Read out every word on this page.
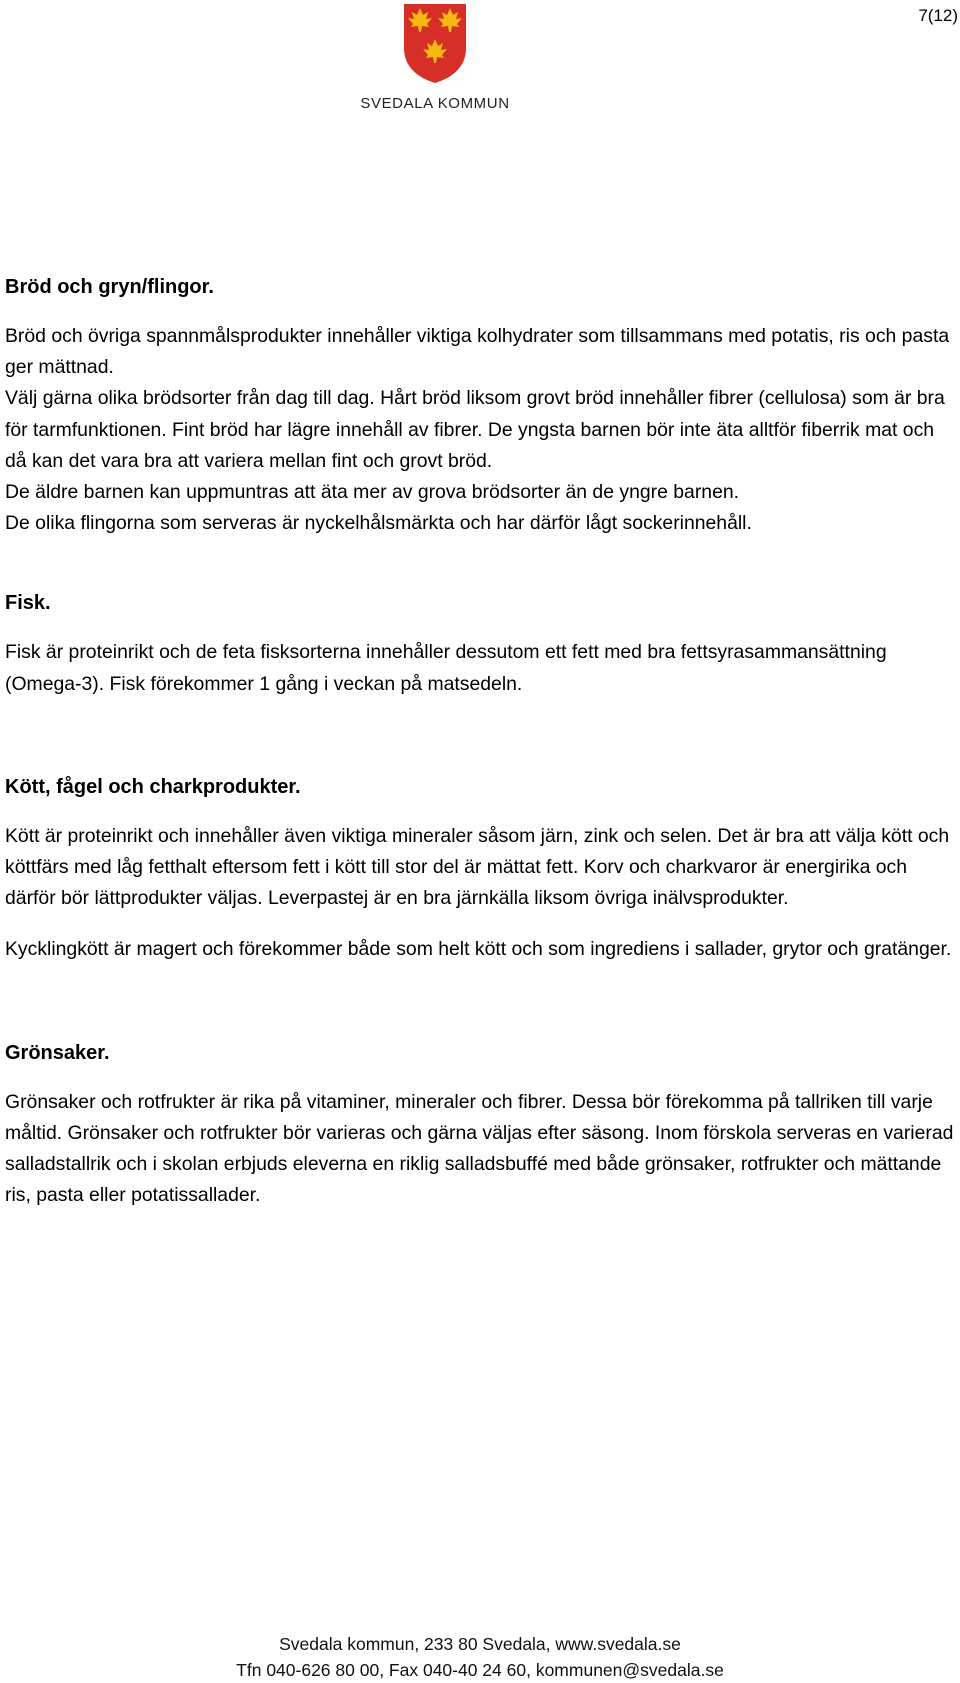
7(12)
SVEDALA KOMMUN
Bröd och gryn/flingor.

Bröd och övriga spannmålsprodukter innehåller viktiga kolhydrater som tillsammans med potatis, ris och pasta ger mättnad.

Välj gärna olika brödsorter från dag till dag. Hårt bröd liksom grovt bröd innehåller fibrer (cellulosa) som är bra för tarmfunktionen. Fint bröd har lägre innehåll av fibrer. De yngsta barnen bör inte äta alltför fiberrik mat och då kan det vara bra att variera mellan fint och grovt bröd.

De äldre barnen kan uppmuntras att äta mer av grova brödsorter än de yngre barnen.

De olika flingorna som serveras är nyckelhålsmärkta och har därför lågt sockerinnehåll.

Fisk.

Fisk är proteinrikt och de feta fisksorterna innehåller dessutom ett fett med bra fettsyrasammansättning (Omega-3). Fisk förekommer 1 gång i veckan på matsedeln.

Kött, fågel och charkprodukter.

Kött är proteinrikt och innehåller även viktiga mineraler såsom järn, zink och selen. Det är bra att välja kött och köttfärs med låg fetthalt eftersom fett i kött till stor del är mättat fett. Korv och charkvaror är energirika och därför bör lättprodukter väljas. Leverpastej är en bra järnkälla liksom övriga inälvsprodukter.

Kycklingkött är magert och förekommer både som helt kött och som ingrediens i sallader, grytor och gratänger.

Grönsaker.

Grönsaker och rotfrukter är rika på vitaminer, mineraler och fibrer. Dessa bör förekomma på tallriken till varje måltid. Grönsaker och rotfrukter bör varieras och gärna väljas efter säsong. Inom förskola serveras en varierad salladstallrik och i skolan erbjuds eleverna en riklig salladsbuffé med både grönsaker, rotfrukter och mättande ris, pasta eller potatissallader.

Svedala kommun, 233 80 Svedala, www.svedala.se
Tfn 040-626 80 00, Fax 040-40 24 60, kommunen@svedala.se
